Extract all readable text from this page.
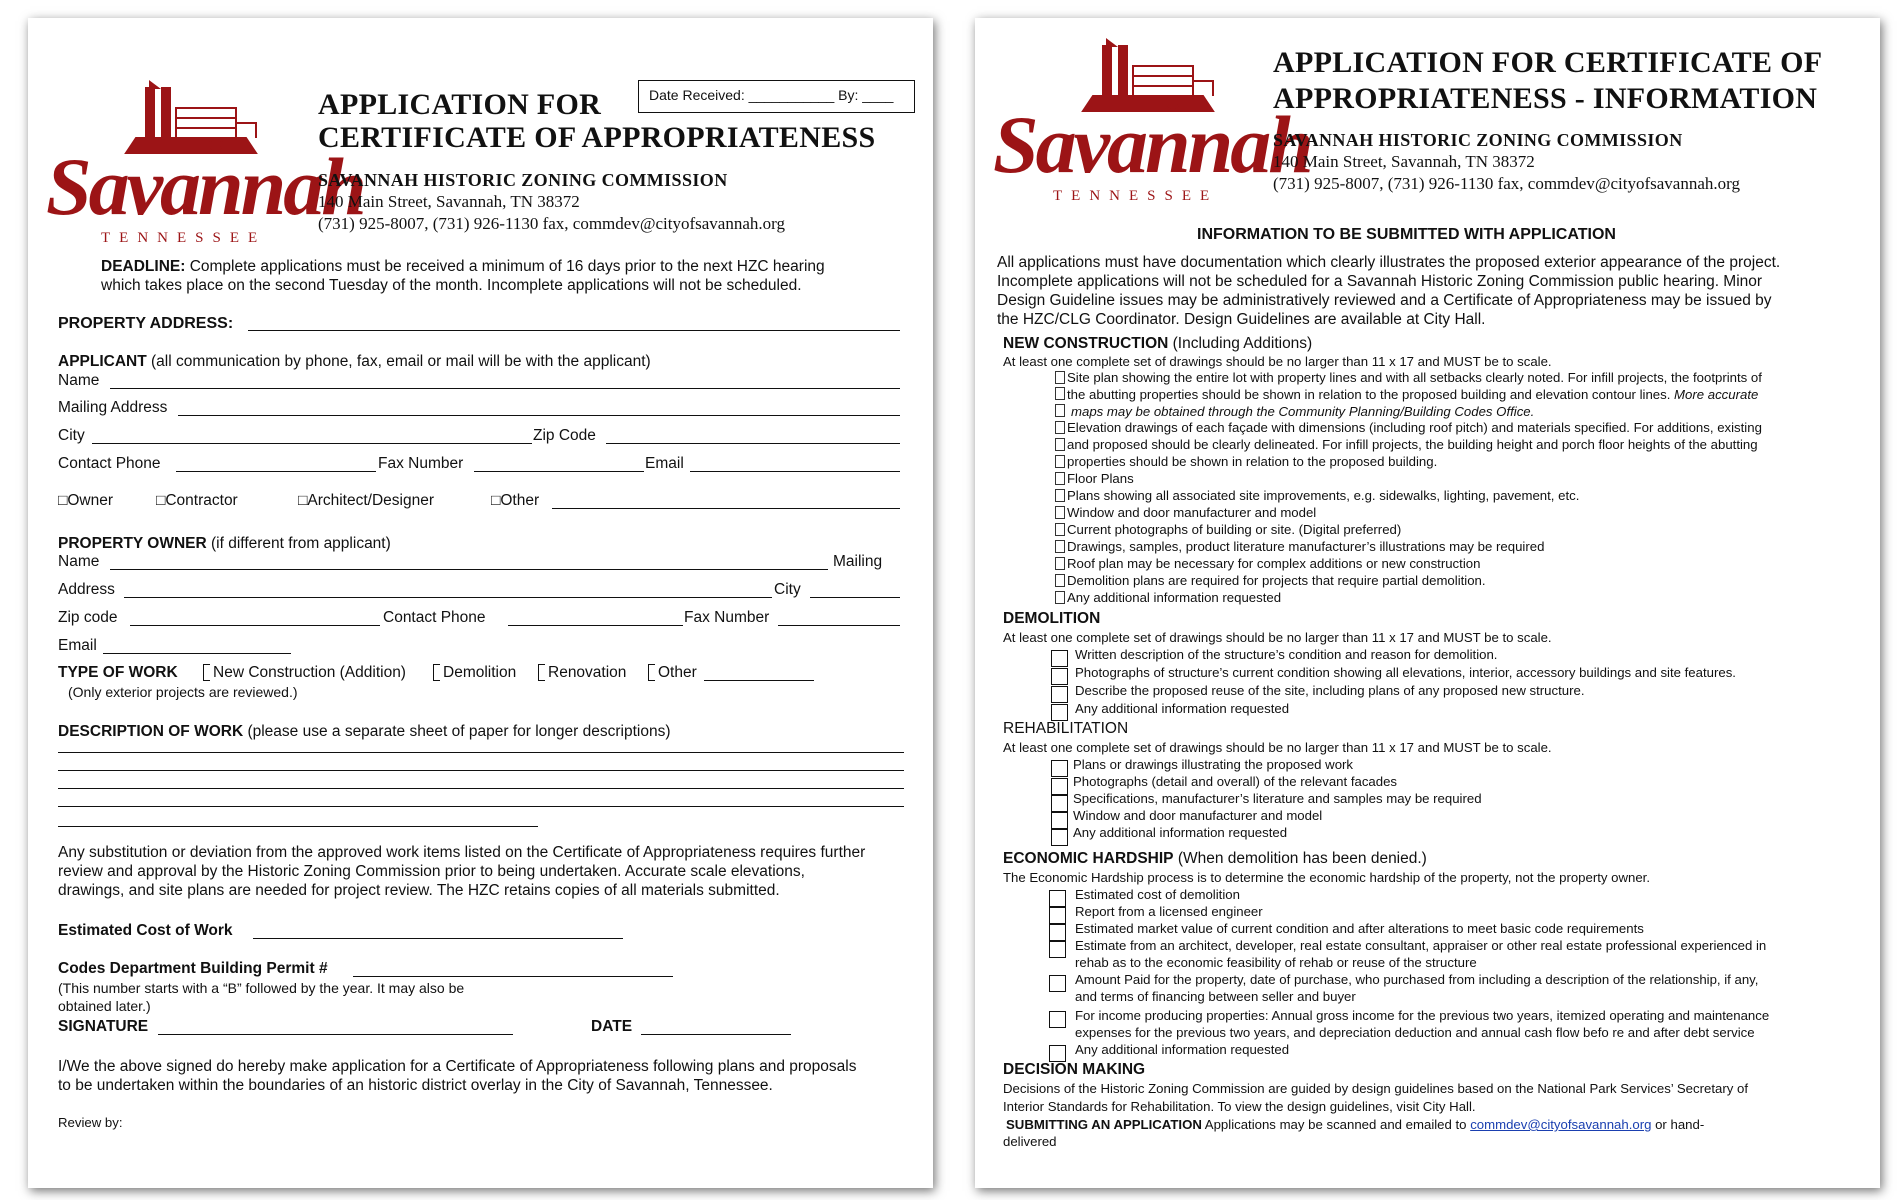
Savannah
TENNESSEE
Date Received: ___________ By: ____
APPLICATION FOR
CERTIFICATE OF APPROPRIATENESS
SAVANNAH HISTORIC ZONING COMMISSION
140 Main Street, Savannah, TN 38372
(731) 925-8007, (731) 926-1130 fax, commdev@cityofsavannah.org
DEADLINE: Complete applications must be received a minimum of 16 days prior to the next HZC hearing
which takes place on the second Tuesday of the month. Incomplete applications will not be scheduled.
PROPERTY ADDRESS:
APPLICANT (all communication by phone, fax, email or mail will be with the applicant)
Name
Mailing Address
City	Zip Code
Contact Phone	Fax Number	Email
□Owner	□Contractor	□Architect/Designer	□Other
PROPERTY OWNER (if different from applicant)
Name	Mailing
Address	City
Zip code	Contact Phone	Fax Number
Email
TYPE OF WORK New Construction (Addition) Demolition Renovation Other
(Only exterior projects are reviewed.)
DESCRIPTION OF WORK (please use a separate sheet of paper for longer descriptions)
Any substitution or deviation from the approved work items listed on the Certificate of Appropriateness requires further
review and approval by the Historic Zoning Commission prior to being undertaken. Accurate scale elevations,
drawings, and site plans are needed for project review. The HZC retains copies of all materials submitted.
Estimated Cost of Work
Codes Department Building Permit #
(This number starts with a “B” followed by the year. It may also be
obtained later.)
SIGNATURE	DATE
I/We the above signed do hereby make application for a Certificate of Appropriateness following plans and proposals
to be undertaken within the boundaries of an historic district overlay in the City of Savannah, Tennessee.
Review by:
Savannah
TENNESSEE
APPLICATION FOR CERTIFICATE OF
APPROPRIATENESS - INFORMATION
SAVANNAH HISTORIC ZONING COMMISSION
140 Main Street, Savannah, TN 38372
(731) 925-8007, (731) 926-1130 fax, commdev@cityofsavannah.org
INFORMATION TO BE SUBMITTED WITH APPLICATION
All applications must have documentation which clearly illustrates the proposed exterior appearance of the project.
Incomplete applications will not be scheduled for a Savannah Historic Zoning Commission public hearing. Minor
Design Guideline issues may be administratively reviewed and a Certificate of Appropriateness may be issued by
the HZC/CLG Coordinator. Design Guidelines are available at City Hall.
NEW CONSTRUCTION (Including Additions)
At least one complete set of drawings should be no larger than 11 x 17 and MUST be to scale.
Site plan showing the entire lot with property lines and with all setbacks clearly noted. For infill projects, the footprints of
the abutting properties should be shown in relation to the proposed building and elevation contour lines. More accurate
maps may be obtained through the Community Planning/Building Codes Office.
Elevation drawings of each façade with dimensions (including roof pitch) and materials specified. For additions, existing
and proposed should be clearly delineated. For infill projects, the building height and porch floor heights of the abutting
properties should be shown in relation to the proposed building.
Floor Plans
Plans showing all associated site improvements, e.g. sidewalks, lighting, pavement, etc.
Window and door manufacturer and model
Current photographs of building or site. (Digital preferred)
Drawings, samples, product literature manufacturer’s illustrations may be required
Roof plan may be necessary for complex additions or new construction
Demolition plans are required for projects that require partial demolition.
Any additional information requested
DEMOLITION
At least one complete set of drawings should be no larger than 11 x 17 and MUST be to scale.
Written description of the structure’s condition and reason for demolition.
Photographs of structure’s current condition showing all elevations, interior, accessory buildings and site features.
Describe the proposed reuse of the site, including plans of any proposed new structure.
Any additional information requested
REHABILITATION
At least one complete set of drawings should be no larger than 11 x 17 and MUST be to scale.
Plans or drawings illustrating the proposed work
Photographs (detail and overall) of the relevant facades
Specifications, manufacturer’s literature and samples may be required
Window and door manufacturer and model
Any additional information requested
ECONOMIC HARDSHIP (When demolition has been denied.)
The Economic Hardship process is to determine the economic hardship of the property, not the property owner.
Estimated cost of demolition
Report from a licensed engineer
Estimated market value of current condition and after alterations to meet basic code requirements
Estimate from an architect, developer, real estate consultant, appraiser or other real estate professional experienced in
rehab as to the economic feasibility of rehab or reuse of the structure
Amount Paid for the property, date of purchase, who purchased from including a description of the relationship, if any,
and terms of financing between seller and buyer
For income producing properties: Annual gross income for the previous two years, itemized operating and maintenance
expenses for the previous two years, and depreciation deduction and annual cash flow befo re and after debt service
Any additional information requested
DECISION MAKING
Decisions of the Historic Zoning Commission are guided by design guidelines based on the National Park Services’ Secretary of
Interior Standards for Rehabilitation. To view the design guidelines, visit City Hall.
SUBMITTING AN APPLICATION Applications may be scanned and emailed to commdev@cityofsavannah.org or hand-
delivered
